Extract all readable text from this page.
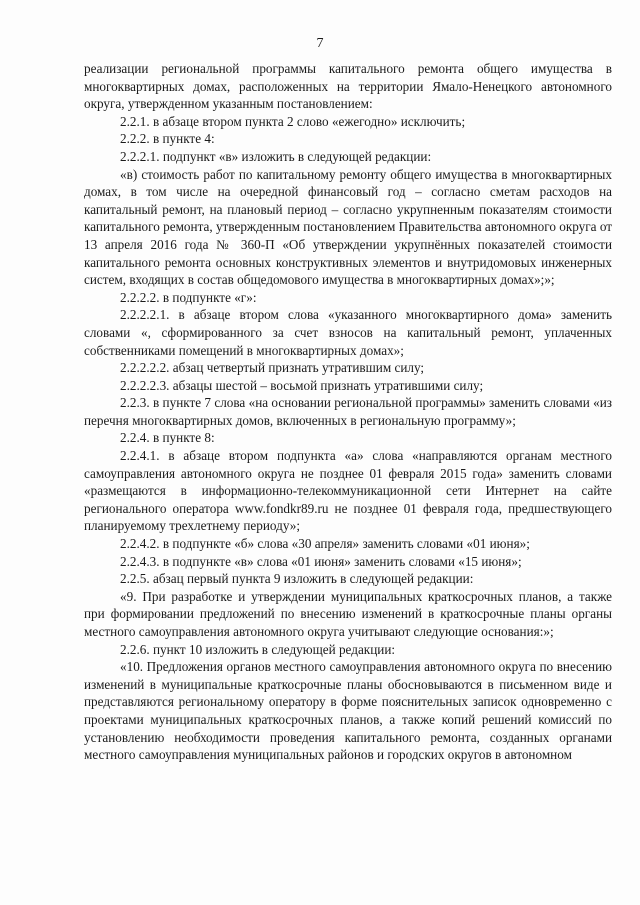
7

реализации региональной программы капитального ремонта общего имущества в многоквартирных домах, расположенных на территории Ямало-Ненецкого автономного округа, утвержденном указанным постановлением:

2.2.1. в абзаце втором пункта 2 слово «ежегодно» исключить;

2.2.2. в пункте 4:

2.2.2.1. подпункт «в» изложить в следующей редакции:

«в) стоимость работ по капитальному ремонту общего имущества в многоквартирных домах, в том числе на очередной финансовый год – согласно сметам расходов на капитальный ремонт, на плановый период – согласно укрупненным показателям стоимости капитального ремонта, утвержденным постановлением Правительства автономного округа от 13 апреля 2016 года № 360-П «Об утверждении укрупнённых показателей стоимости капитального ремонта основных конструктивных элементов и внутридомовых инженерных систем, входящих в состав общедомового имущества в многоквартирных домах»;»;

2.2.2.2. в подпункте «г»:

2.2.2.2.1. в абзаце втором слова «указанного многоквартирного дома» заменить словами «, сформированного за счет взносов на капитальный ремонт, уплаченных собственниками помещений в многоквартирных домах»;

2.2.2.2.2. абзац четвертый признать утратившим силу;

2.2.2.2.3. абзацы шестой – восьмой признать утратившими силу;

2.2.3. в пункте 7 слова «на основании региональной программы» заменить словами «из перечня многоквартирных домов, включенных в региональную программу»;

2.2.4. в пункте 8:

2.2.4.1. в абзаце втором подпункта «а» слова «направляются органам местного самоуправления автономного округа не позднее 01 февраля 2015 года» заменить словами «размещаются в информационно-телекоммуникационной сети Интернет на сайте регионального оператора www.fondkr89.ru не позднее 01 февраля года, предшествующего планируемому трехлетнему периоду»;

2.2.4.2. в подпункте «б» слова «30 апреля» заменить словами «01 июня»;

2.2.4.3. в подпункте «в» слова «01 июня» заменить словами «15 июня»;

2.2.5. абзац первый пункта 9 изложить в следующей редакции:

«9. При разработке и утверждении муниципальных краткосрочных планов, а также при формировании предложений по внесению изменений в краткосрочные планы органы местного самоуправления автономного округа учитывают следующие основания:»;

2.2.6. пункт 10 изложить в следующей редакции:

«10. Предложения органов местного самоуправления автономного округа по внесению изменений в муниципальные краткосрочные планы обосновываются в письменном виде и представляются региональному оператору в форме пояснительных записок одновременно с проектами муниципальных краткосрочных планов, а также копий решений комиссий по установлению необходимости проведения капитального ремонта, созданных органами местного самоуправления муниципальных районов и городских округов в автономном
